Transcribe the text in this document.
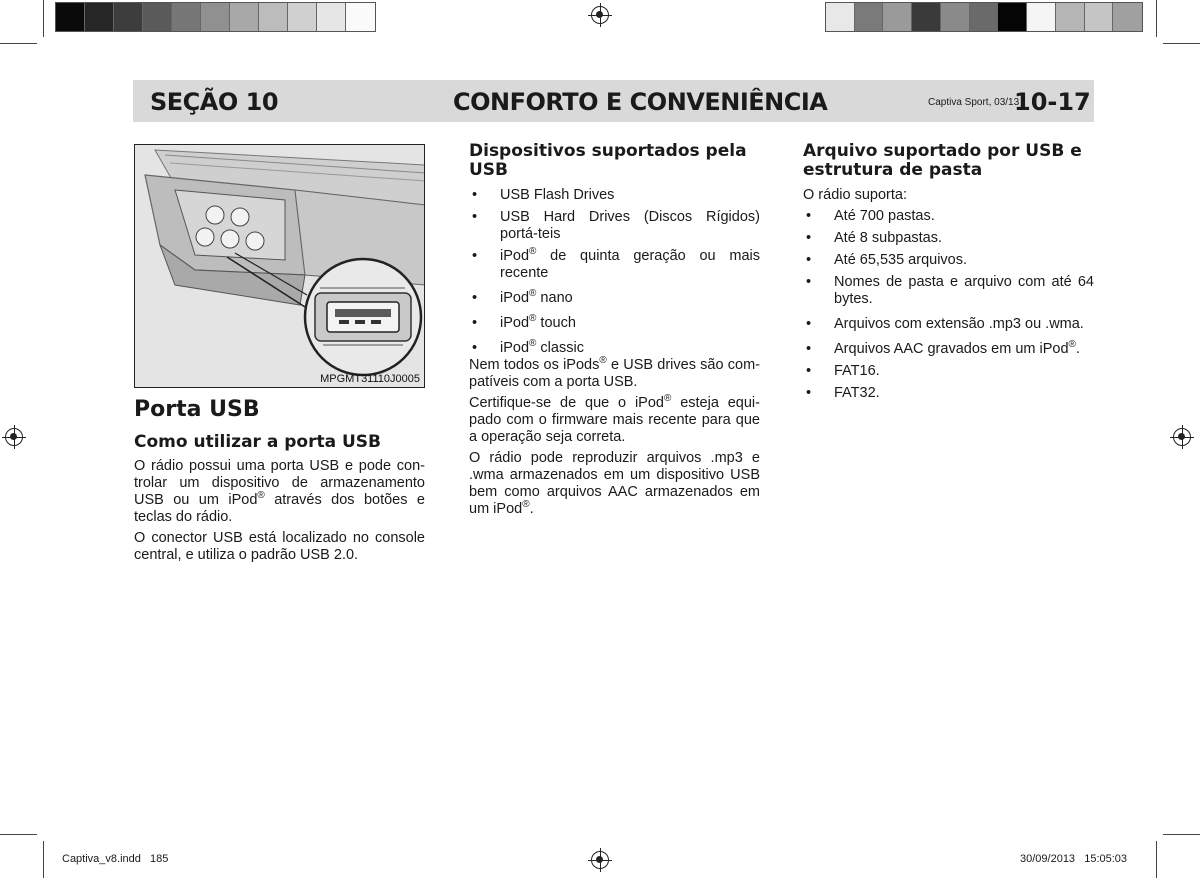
SEÇÃO 10	CONFORTO E CONVENIÊNCIA	Captiva Sport, 03/13
10-17
MPGMT31110J0005
Porta USB
Como utilizar a porta USB

O rádio possui uma porta USB e pode con-trolar um dispositivo de armazenamento USB ou um iPod® através dos botões e teclas do rádio.

O conector USB está localizado no console central, e utiliza o padrão USB 2.0.

Dispositivos suportados pela USB
• USB Flash Drives
• USB Hard Drives (Discos Rígidos) portá-teis
• iPod® de quinta geração ou mais recente
• iPod® nano
• iPod® touch
• iPod® classic

Nem todos os iPods® e USB drives são com-patíveis com a porta USB.

Certifique-se de que o iPod® esteja equi-pado com o firmware mais recente para que a operação seja correta.

O rádio pode reproduzir arquivos .mp3 e .wma armazenados em um dispositivo USB bem como arquivos AAC armazenados em um iPod®.

Arquivo suportado por USB e estrutura de pasta

O rádio suporta:

• Até 700 pastas.
• Até 8 subpastas.
• Até 65,535 arquivos.
• Nomes de pasta e arquivo com até 64 bytes.
• Arquivos com extensão .mp3 ou .wma.
• Arquivos AAC gravados em um iPod®.
• FAT16.
• FAT32.
Captiva_v8.indd   185	30/09/2013   15:05:03
